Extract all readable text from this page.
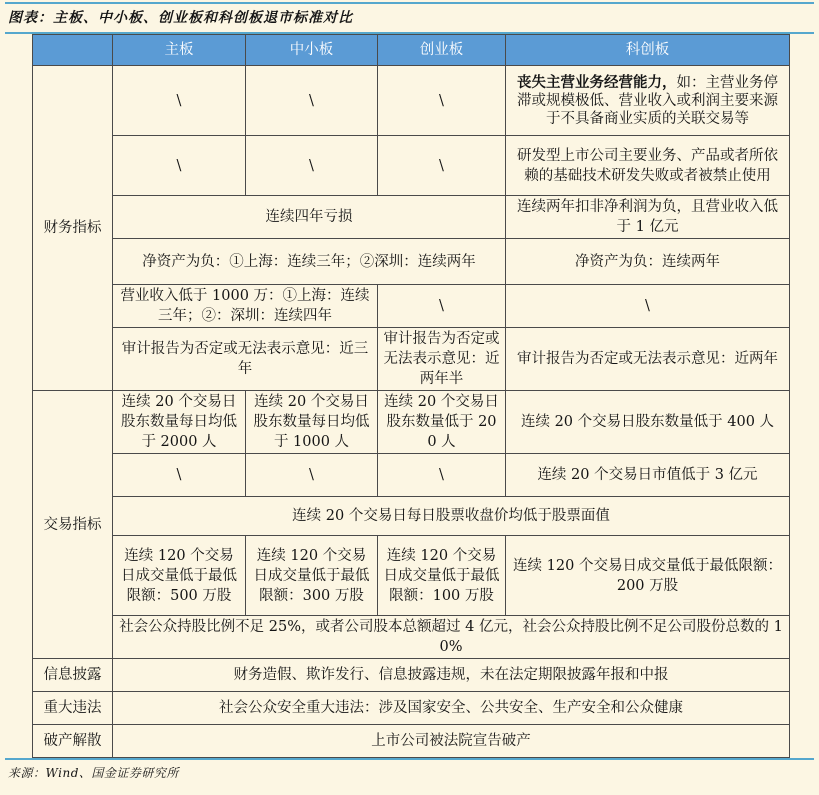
图表：主板、中小板、创业板和科创板退市标准对比
	主板	中小板	创业板	科创板
财务指标	\	\	\	丧失主营业务经营能力，如：主营业务停滞或规模极低、营业收入或利润主要来源于不具备商业实质的关联交易等
	\	\	\	研发型上市公司主要业务、产品或者所依赖的基础技术研发失败或者被禁止使用
	连续四年亏损			连续两年扣非净利润为负，且营业收入低于 1 亿元
	净资产为负：①上海：连续三年；②深圳：连续两年			净资产为负：连续两年
	营业收入低于 1000 万：①上海：连续三年；②：深圳：连续四年		\	\
	审计报告为否定或无法表示意见：近三年		审计报告为否定或无法表示意见：近两年半	审计报告为否定或无法表示意见：近两年
交易指标	连续 20 个交易日股东数量每日均低于 2000 人	连续 20 个交易日股东数量每日均低于 1000 人	连续 20 个交易日股东数量低于 200 人	连续 20 个交易日股东数量低于 400 人
	\	\	\	连续 20 个交易日市值低于 3 亿元
	连续 20 个交易日每日股票收盘价均低于股票面值			
	连续 120 个交易日成交量低于最低限额：500 万股	连续 120 个交易日成交量低于最低限额：300 万股	连续 120 个交易日成交量低于最低限额：100 万股	连续 120 个交易日成交量低于最低限额：200 万股
	社会公众持股比例不足 25%，或者公司股本总额超过 4 亿元，社会公众持股比例不足公司股份总数的 10%			
信息披露	财务造假、欺诈发行、信息披露违规，未在法定期限披露年报和中报			
重大违法	社会公众安全重大违法：涉及国家安全、公共安全、生产安全和公众健康			
破产解散	上市公司被法院宣告破产			
来源：Wind、国金证券研究所
